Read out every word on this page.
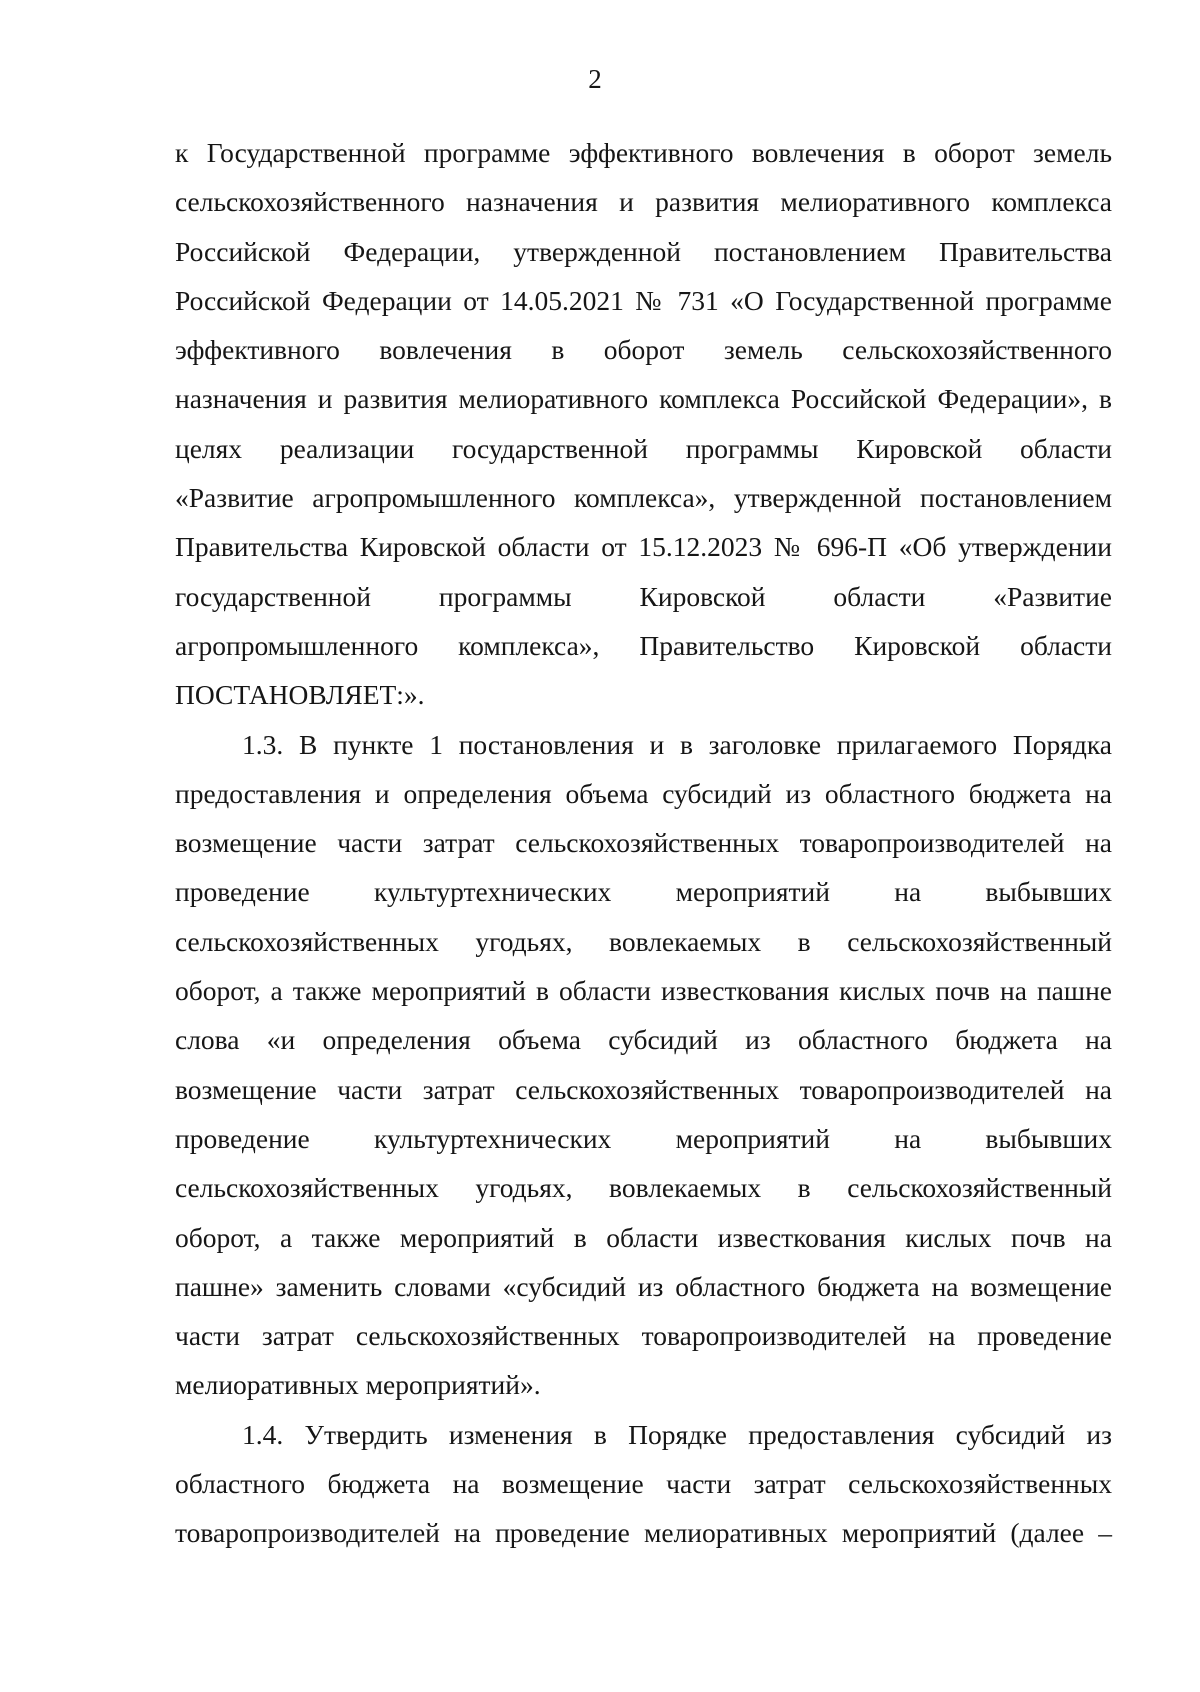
2
к Государственной программе эффективного вовлечения в оборот земель
сельскохозяйственного назначения и развития мелиоративного комплекса
Российской Федерации, утвержденной постановлением Правительства
Российской Федерации от 14.05.2021 № 731 «О Государственной программе
эффективного вовлечения в оборот земель сельскохозяйственного
назначения и развития мелиоративного комплекса Российской Федерации», в
целях реализации государственной программы Кировской области
«Развитие агропромышленного комплекса», утвержденной постановлением
Правительства Кировской области от 15.12.2023 № 696-П «Об утверждении
государственной программы Кировской области «Развитие
агропромышленного комплекса», Правительство Кировской области
ПОСТАНОВЛЯЕТ:».
1.3. В пункте 1 постановления и в заголовке прилагаемого Порядка
предоставления и определения объема субсидий из областного бюджета на
возмещение части затрат сельскохозяйственных товаропроизводителей на
проведение культуртехнических мероприятий на выбывших
сельскохозяйственных угодьях, вовлекаемых в сельскохозяйственный
оборот, а также мероприятий в области известкования кислых почв на пашне
слова «и определения объема субсидий из областного бюджета на
возмещение части затрат сельскохозяйственных товаропроизводителей на
проведение культуртехнических мероприятий на выбывших
сельскохозяйственных угодьях, вовлекаемых в сельскохозяйственный
оборот, а также мероприятий в области известкования кислых почв на
пашне» заменить словами «субсидий из областного бюджета на возмещение
части затрат сельскохозяйственных товаропроизводителей на проведение
мелиоративных мероприятий».
1.4. Утвердить изменения в Порядке предоставления субсидий из
областного бюджета на возмещение части затрат сельскохозяйственных
товаропроизводителей на проведение мелиоративных мероприятий (далее –
